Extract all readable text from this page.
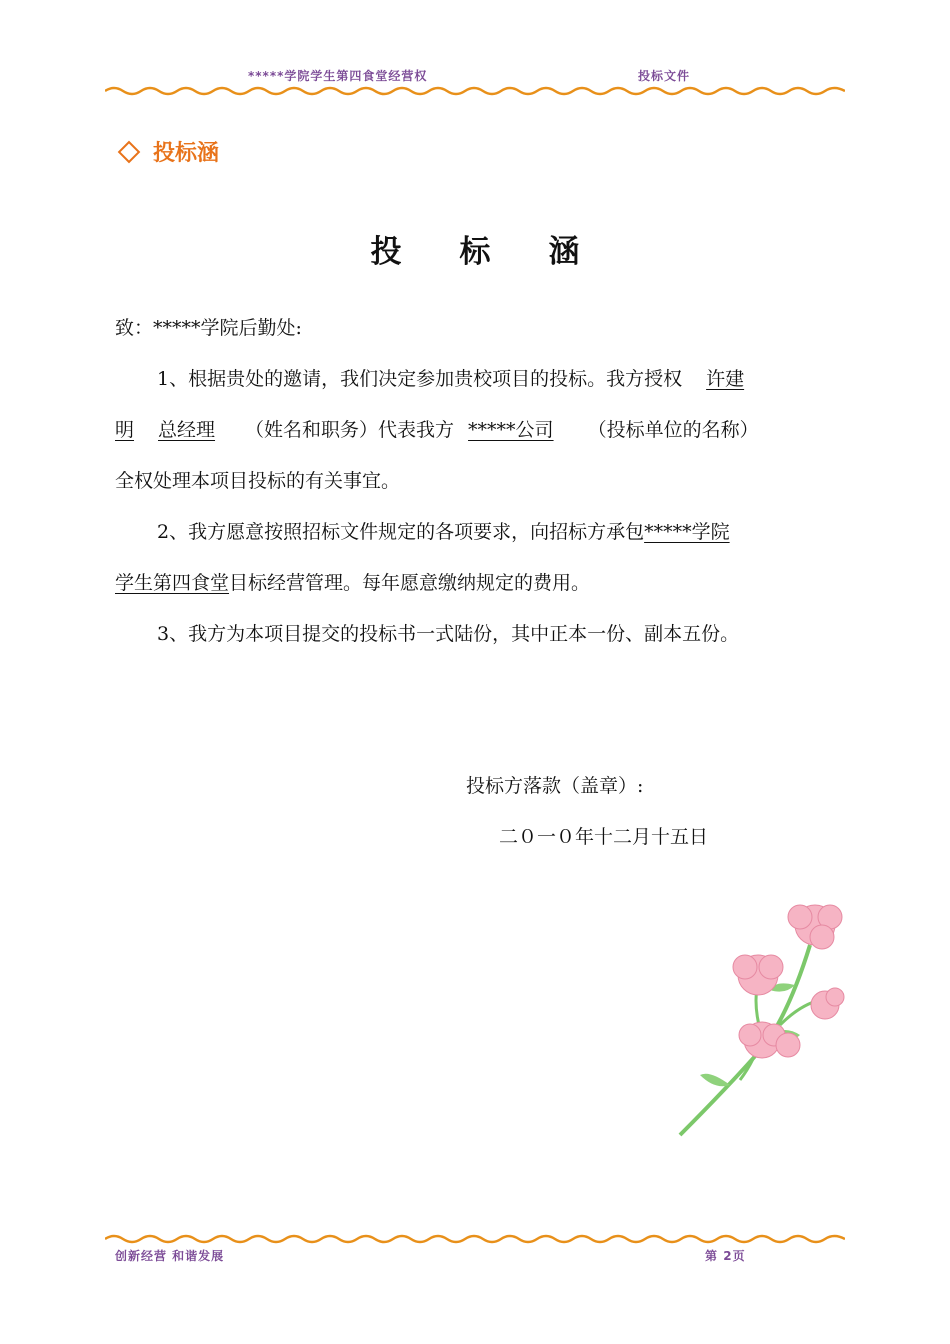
*****学院学生第四食堂经营权	投标文件
投标涵
投标涵
致：*****学院后勤处:
1、根据贵处的邀请，我们决定参加贵校项目的投标。我方授权 许建
明 总经理 （姓名和职务）代表我方 *****公司 （投标单位的名称）
全权处理本项目投标的有关事宜。
2、我方愿意按照招标文件规定的各项要求，向招标方承包*****学院
学生第四食堂目标经营管理。每年愿意缴纳规定的费用。
3、我方为本项目提交的投标书一式陆份，其中正本一份、副本五份。
投标方落款（盖章）:
二０一０年十二月十五日
创新经营 和谐发展	第 2页
